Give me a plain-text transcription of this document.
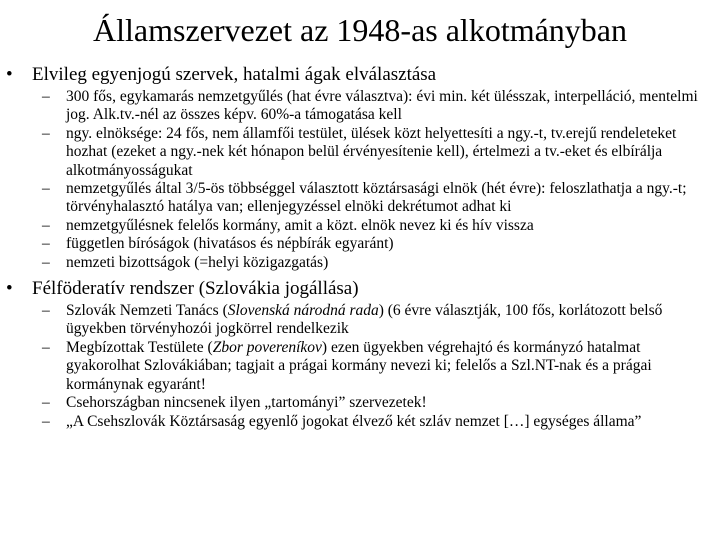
Államszervezet az 1948-as alkotmányban
• Elvileg egyenjogú szervek, hatalmi ágak elválasztása
– 300 fős, egykamarás nemzetgyűlés (hat évre választva): évi min. két ülésszak, interpelláció, mentelmi jog. Alk.tv.-nél az összes képv. 60%-a támogatása kell
– ngy. elnöksége: 24 fős, nem államfői testület, ülések közt helyettesíti a ngy.-t, tv.erejű rendeleteket hozhat (ezeket a ngy.-nek két hónapon belül érvényesítenie kell), értelmezi a tv.-eket és elbírálja alkotmányosságukat
– nemzetgyűlés által 3/5-ös többséggel választott köztársasági elnök (hét évre): feloszlathatja a ngy.-t; törvényhalasztó hatálya van; ellenjegyzéssel elnöki dekrétumot adhat ki
– nemzetgyűlésnek felelős kormány, amit a közt. elnök nevez ki és hív vissza
– független bíróságok (hivatásos és népbírák egyaránt)
– nemzeti bizottságok (=helyi közigazgatás)
• Félföderatív rendszer (Szlovákia jogállása)
– Szlovák Nemzeti Tanács (Slovenská národná rada) (6 évre választják, 100 fős, korlátozott belső ügyekben törvényhozói jogkörrel rendelkezik
– Megbízottak Testülete (Zbor povereníkov) ezen ügyekben végrehajtó és kormányzó hatalmat gyakorolhat Szlovákiában; tagjait a prágai kormány nevezi ki; felelős a Szl.NT-nak és a prágai kormánynak egyaránt!
– Csehországban nincsenek ilyen „tartományi” szervezetek!
– „A Csehszlovák Köztársaság egyenlő jogokat élvező két szláv nemzet […] egységes állama”
